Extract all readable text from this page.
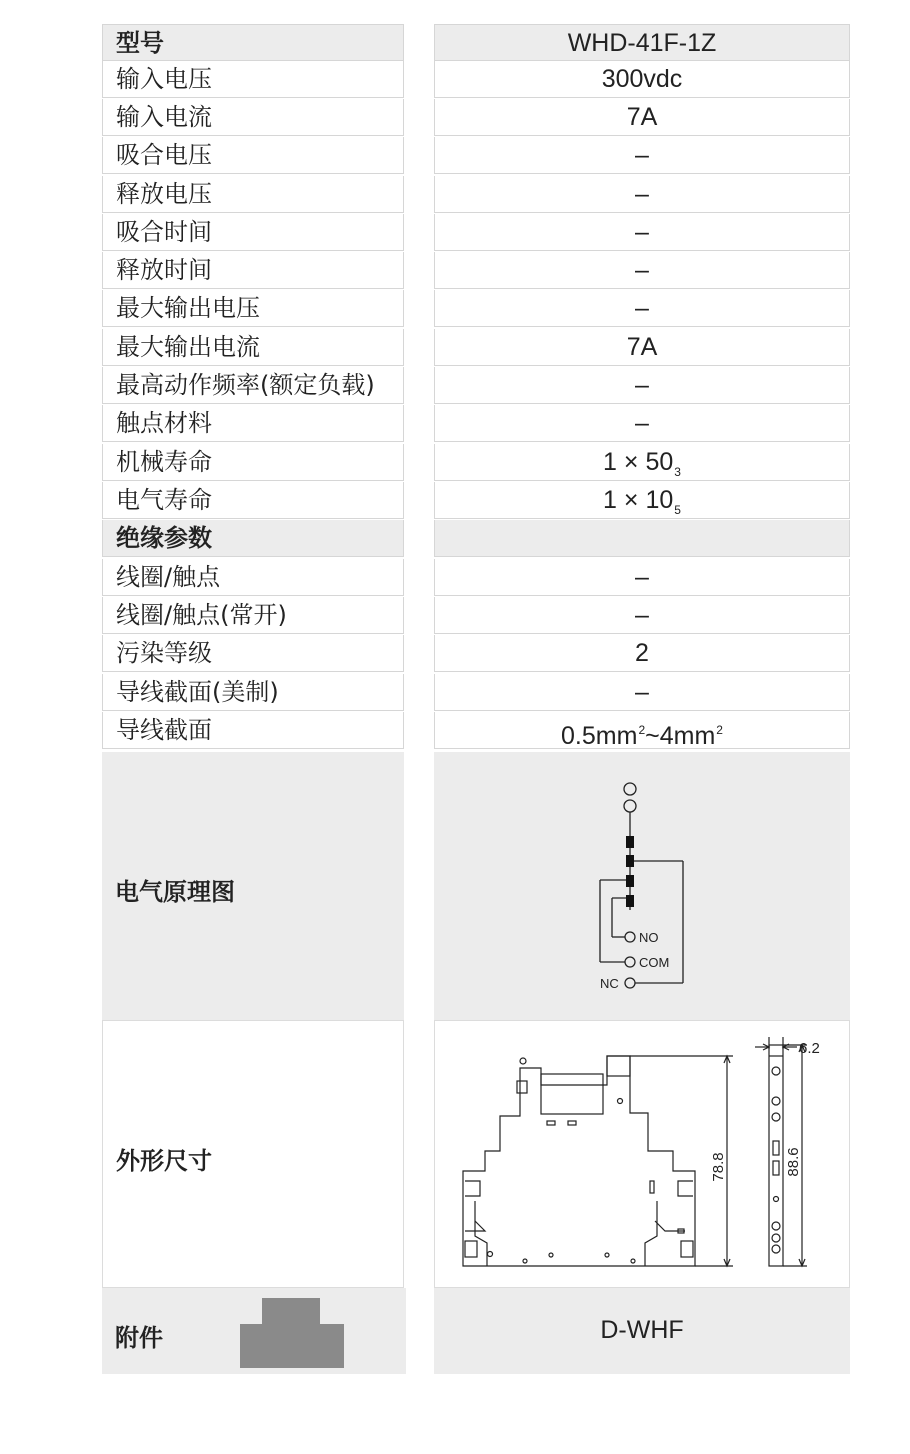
型号	WHD-41F-1Z
输入电压	300vdc
输入电流	7A
吸合电压	–
释放电压	–
吸合时间	–
释放时间	–
最大输出电压	–
最大输出电流	7A
最高动作频率(额定负载)	–
触点材料	–
机械寿命	$1 \times 50_3$
电气寿命	$1 \times 10_5$
绝缘参数
线圈/触点	–
线圈/触点(常开)	–
污染等级	2
导线截面(美制)	–
导线截面	$0.5mm^2\sim 4mm^2$
电气原理图
NO
COM
NC
外形尺寸	78.8	88.6
6.2
附件	D-WHF
